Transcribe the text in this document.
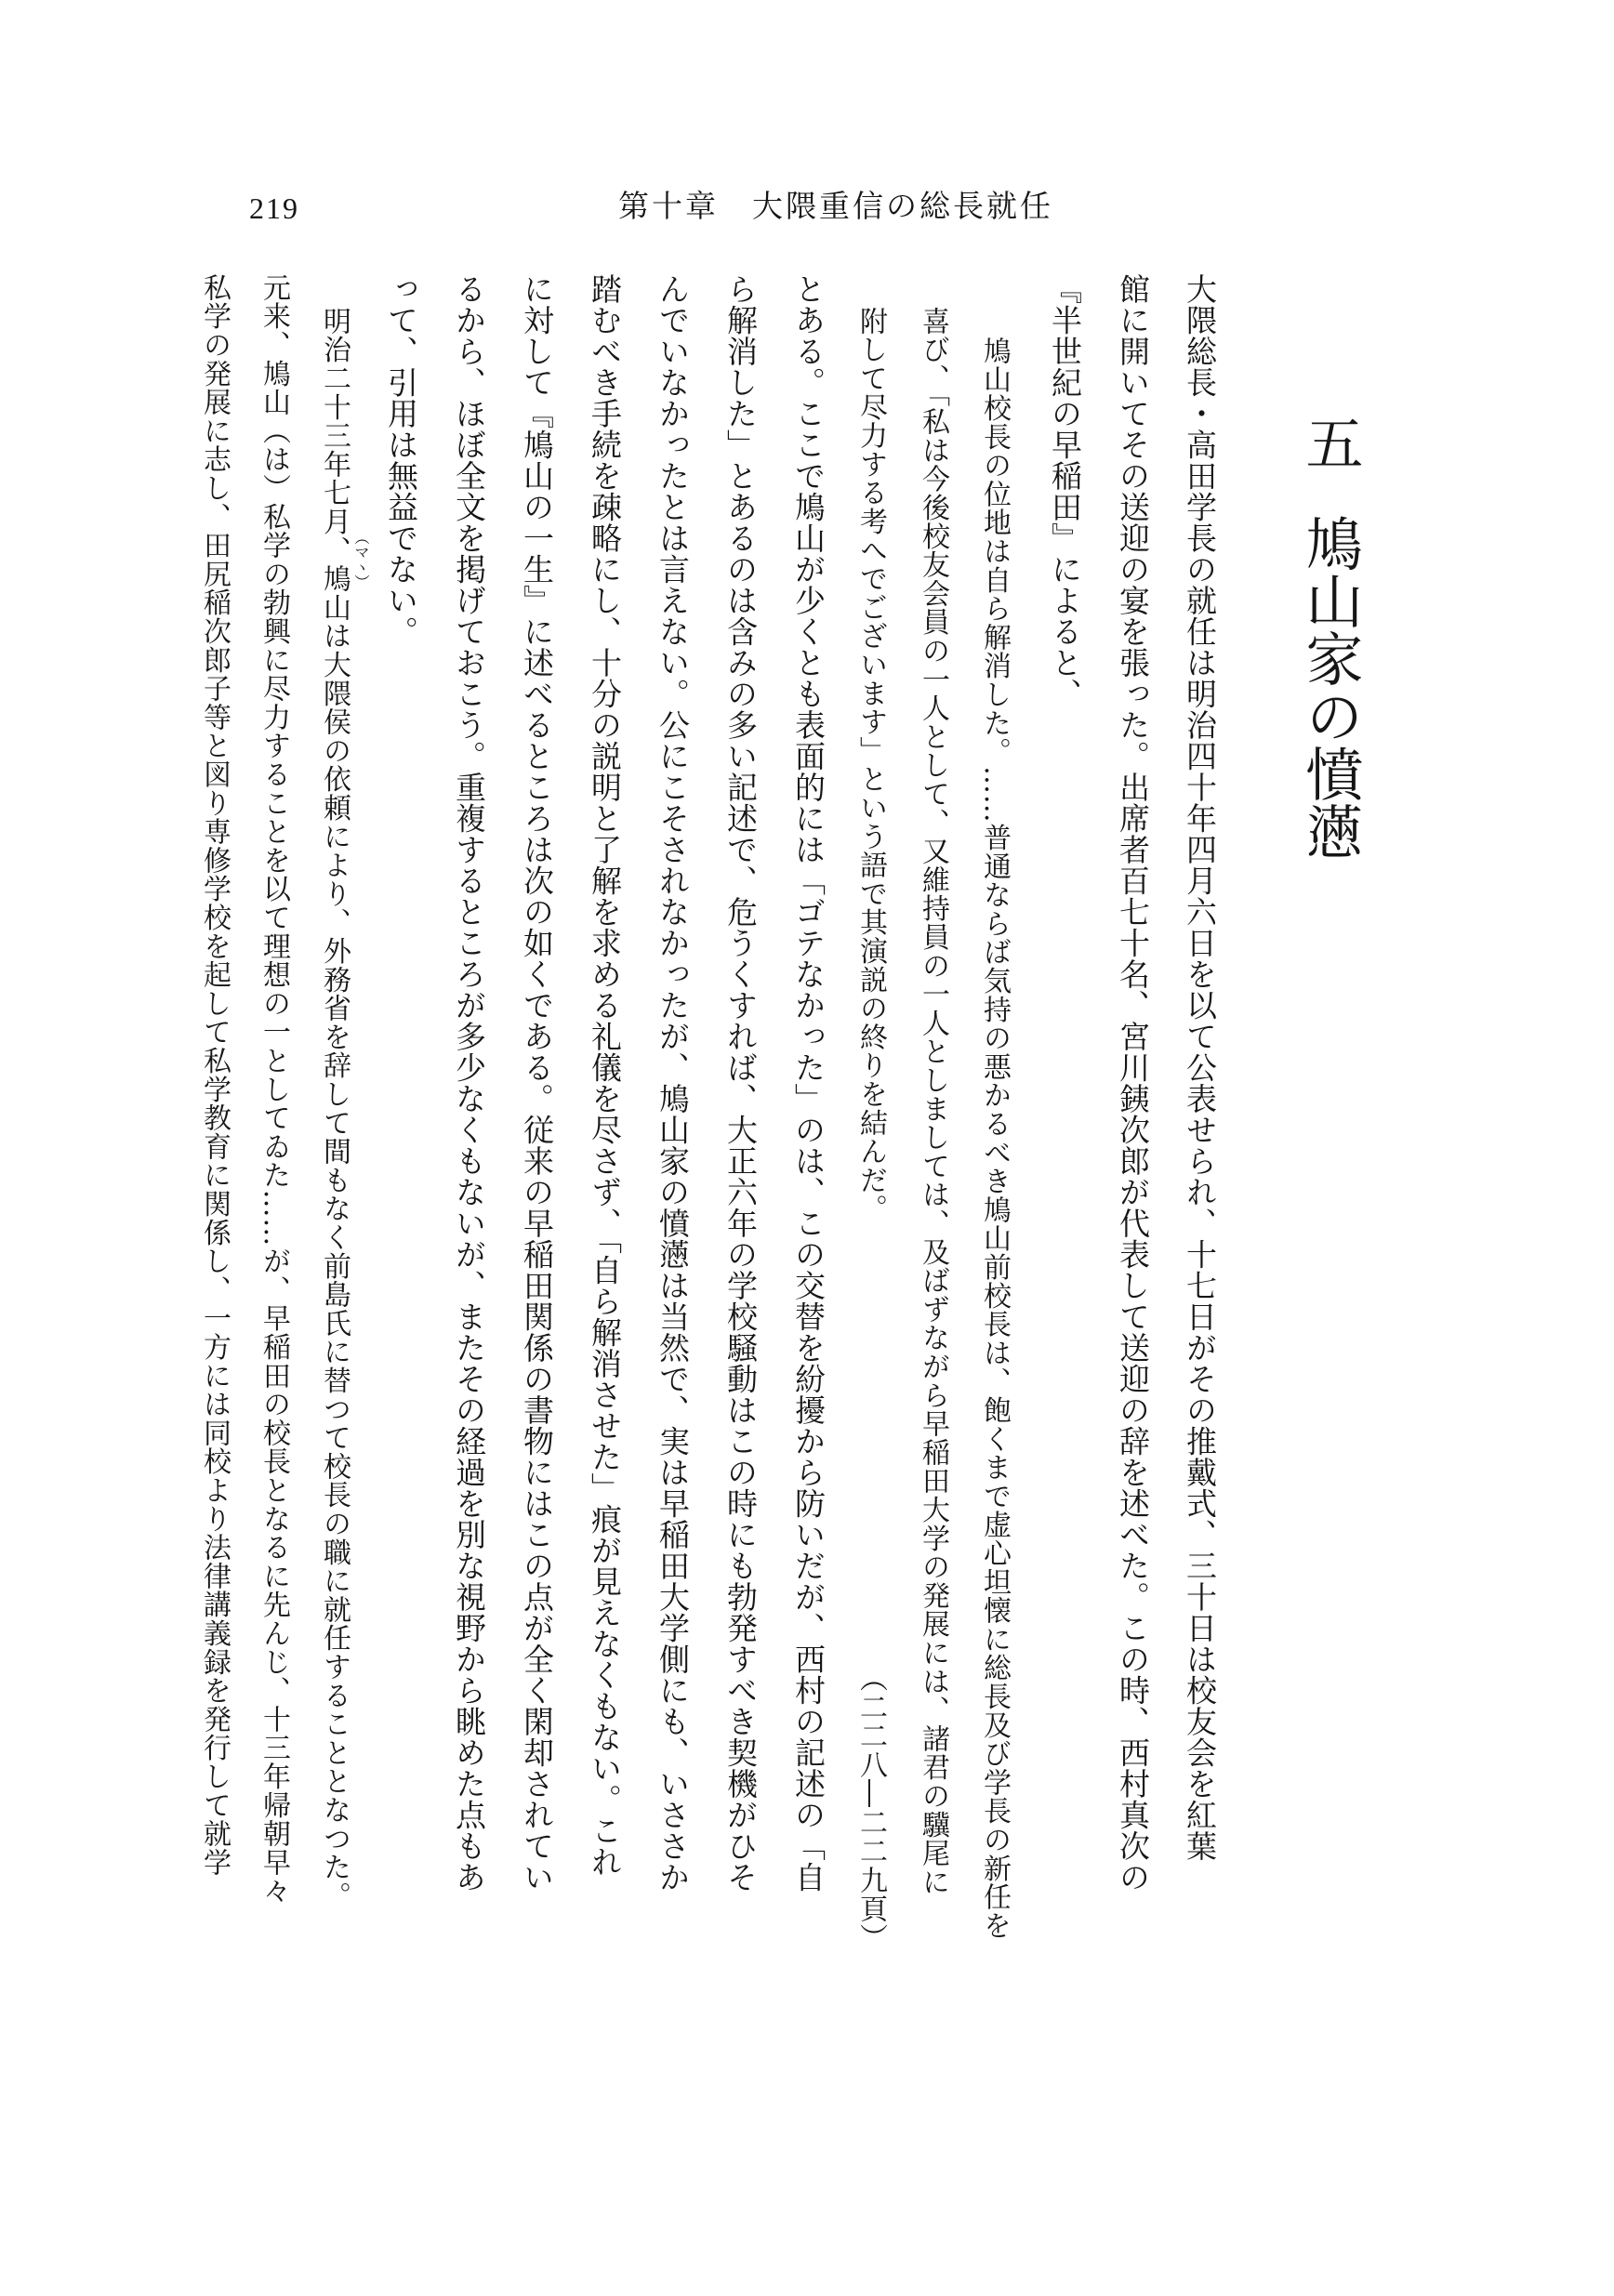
219	第十章　大隈重信の総長就任
五鳩山家の憤懣
大隈総長・高田学長の就任は明治四十年四月六日を以て公表せられ、十七日がその推戴式、三十日は校友会を紅葉
館に開いてその送迎の宴を張った。出席者百七十名、宮川銕次郎が代表して送迎の辞を述べた。この時、西村真次の
『半世紀の早稲田』によると、
鳩山校長の位地は自ら解消した。……普通ならば気持の悪かるべき鳩山前校長は、飽くまで虚心坦懐に総長及び学長の新任を
喜び、「私は今後校友会員の一人として、又維持員の一人としましては、及ばずながら早稲田大学の発展には、諸君の驥尾に
附して尽力する考へでございます」という語で其演説の終りを結んだ。
（二二八―二二九頁）
とある。ここで鳩山が少くとも表面的には「ゴテなかった」のは、この交替を紛擾から防いだが、西村の記述の「自
ら解消した」とあるのは含みの多い記述で、危うくすれば、大正六年の学校騒動はこの時にも勃発すべき契機がひそ
んでいなかったとは言えない。公にこそされなかったが、鳩山家の憤懣は当然で、実は早稲田大学側にも、いささか
踏むべき手続を疎略にし、十分の説明と了解を求める礼儀を尽さず、「自ら解消させた」痕が見えなくもない。これ
に対して『鳩山の一生』に述べるところは次の如くである。従来の早稲田関係の書物にはこの点が全く閑却されてい
るから、ほぼ全文を掲げておこう。重複するところが多少なくもないが、またその経過を別な視野から眺めた点もあ
って、引用は無益でない。
明治二十三年七月、鳩山は大隈侯の依頼により、外務省を辞して間もなく前島氏に替つて校長の職に就任することとなつた。 （マヽ）
元来、鳩山（は）私学の勃興に尽力することを以て理想の一としてゐた……が、早稲田の校長となるに先んじ、十三年帰朝早々
私学の発展に志し、田尻稲次郎子等と図り専修学校を起して私学教育に関係し、一方には同校より法律講義録を発行して就学
